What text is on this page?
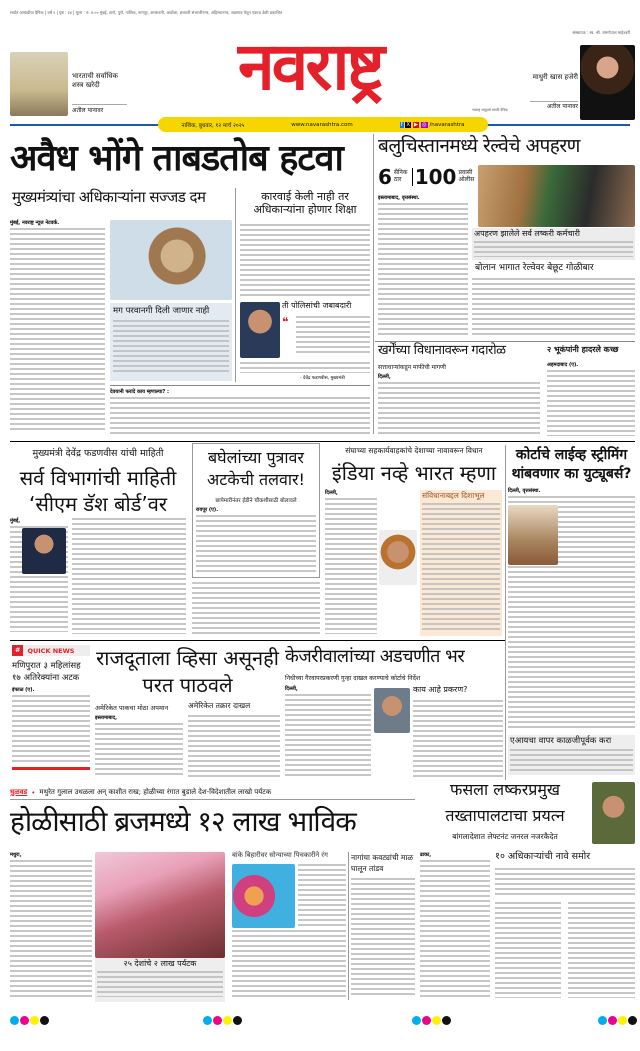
सर्वात आघाडीचा दैनिक | वर्ष २ | पृष्ठ : १४ | मूल्य : रु. ४.०० मुंबई, ठाणे, पुणे, नाशिक, नागपूर, अमरावती, अकोला, छत्रपती संभाजीनगर, अहिल्यानगर, जळगाव येथून एकाच वेळी प्रकाशित
संस्थापक : स्व. श्री. रामगोपाल माहेश्वरी
भारताची सर्वाधिक शस्त्र खरेदी
अतील पानावर
नवराष्ट्र
नवराष्ट्र समूहाचे मराठी दैनिक
माधुरी खास हजेरी
अतील पानावर
नाशिक, बुधवार, १२ मार्च २०२५	www.navarashtra.com	f X ▶ ◎ /navarashtra
अवैध भोंगे ताबडतोब हटवा
मुख्यमंत्र्यांचा अधिकाऱ्यांना सज्जड दम	कारवाई केली नाही तर अधिकाऱ्यांना होणार शिक्षा
मुंबई, नवराष्ट्र न्यूज नेटवर्क.
मग परवानगी दिली जाणार नाही
ती पोलिसांची जबाबदारी
❝
- देवेंद्र फडणवीस, मुख्यमंत्री
देवयानी फरांदे काय म्हणाल्या? :
बलुचिस्तानमध्ये रेल्वेचे अपहरण
6 सैनिक ठार 100 प्रवासी ओलीस
इस्लामाबाद, वृत्तसंस्था.
अपहरण झालेले सर्व लष्करी कर्मचारी
बोलान भागात रेल्वेवर बेछूट गोळीबार
खर्गेंच्या विधानावरून गदारोळ
सत्ताधाऱ्यांकडून माफीची मागणी
दिल्ली,
२ भूकंपांनी हादरले कच्छ
अहमदाबाद (ए).
मुख्यमंत्री देवेंद्र फडणवीस यांची माहिती
सर्व विभागांची माहिती ‘सीएम डॅश बोर्ड’वर
मुंबई,
बघेलांच्या पुत्रावर अटकेची तलवार!
छापेमारीनंतर ईडीने चौकशीसाठी बोलावले
रायपूर (ए).
संघाच्या सहकार्यवाहकांचे देशाच्या नावावरून विधान
इंडिया नव्हे भारत म्हणा
दिल्ली,	संविधानाबद्दल दिशाभूल
कोर्टाचे लाईव्ह स्ट्रीमिंग थांबवणार का युट्यूबर्स?
दिल्ली, वृत्तसंस्था.
एआयचा वापर काळजीपूर्वक करा
#	QUICK NEWS
मणिपुरात ३ महिलांसह १७ अतिरेक्यांना अटक
इंफाळ (ए).
राजदूताला व्हिसा असूनही परत पाठवले
अमेरिकेत पाकचा मोठा अपमान	अमेरिकेत तक्रार दाखल
इस्लामाबाद,
केजरीवालांच्या अडचणीत भर
निधीच्या गैरवापरप्रकरणी गुन्हा दाखल करण्याचे कोर्टाचे निर्देश
दिल्ली,	काय आहे प्रकरण?
धुळवड • मथुरेत गुलाल उधळला अन् काशीत राख; होळीच्या रंगात बुडाले देश-विदेशातील लाखो पर्यटक
होळीसाठी ब्रजमध्ये १२ लाख भाविक
मथुरा,
२५ देशांचे २ लाख पर्यटक
बांके बिहारीवर सोन्याच्या पिचकारीने रंग	नागांचा कवट्यांची माळ घालून तांडव
फसला लष्करप्रमुख
तख्तापालटाचा प्रयत्न
बांगलादेशात लेफ्टनंट जनरल नजरकैदेत
ढाका,	१० अधिकाऱ्यांची नावे समोर
